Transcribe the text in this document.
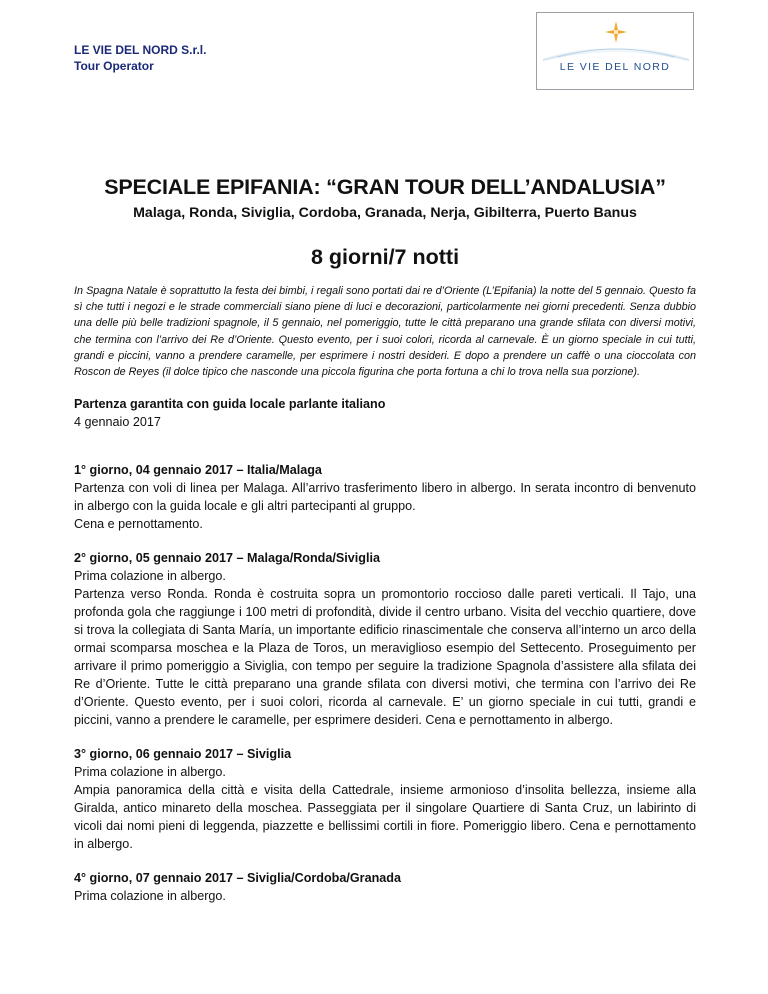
LE VIE DEL NORD S.r.l.
Tour Operator	LE VIE DEL NORD
SPECIALE EPIFANIA: “GRAN TOUR DELL’ANDALUSIA”
Malaga, Ronda, Siviglia, Cordoba, Granada, Nerja, Gibilterra, Puerto Banus
8 giorni/7 notti
In Spagna Natale è soprattutto la festa dei bimbi, i regali sono portati dai re d’Oriente (L’Epifania) la notte del 5 gennaio. Questo fa sì che tutti i negozi e le strade commerciali siano piene di luci e decorazioni, particolarmente nei giorni precedenti. Senza dubbio una delle più belle tradizioni spagnole, il 5 gennaio, nel pomeriggio, tutte le città preparano una grande sfilata con diversi motivi, che termina con l’arrivo dei Re d’Oriente. Questo evento, per i suoi colori, ricorda al carnevale. È un giorno speciale in cui tutti, grandi e piccini, vanno a prendere caramelle, per esprimere i nostri desideri. E dopo a prendere un caffè o una cioccolata con Roscon de Reyes (il dolce tipico che nasconde una piccola figurina che porta fortuna a chi lo trova nella sua porzione).
Partenza garantita con guida locale parlante italiano
4 gennaio 2017
1° giorno, 04 gennaio 2017 – Italia/Malaga
Partenza con voli di linea per Malaga. All’arrivo trasferimento libero in albergo. In serata incontro di benvenuto in albergo con la guida locale e gli altri partecipanti al gruppo.
Cena e pernottamento.
2° giorno, 05 gennaio 2017 – Malaga/Ronda/Siviglia
Prima colazione in albergo.
Partenza verso Ronda. Ronda è costruita sopra un promontorio roccioso dalle pareti verticali. Il Tajo, una profonda gola che raggiunge i 100 metri di profondità, divide il centro urbano. Visita del vecchio quartiere, dove si trova la collegiata di Santa María, un importante edificio rinascimentale che conserva all’interno un arco della ormai scomparsa moschea e la Plaza de Toros, un meraviglioso esempio del Settecento. Proseguimento per arrivare il primo pomeriggio a Siviglia, con tempo per seguire la tradizione Spagnola d’assistere alla sfilata dei Re d’Oriente. Tutte le città preparano una grande sfilata con diversi motivi, che termina con l’arrivo dei Re d’Oriente. Questo evento, per i suoi colori, ricorda al carnevale. E’ un giorno speciale in cui tutti, grandi e piccini, vanno a prendere le caramelle, per esprimere desideri. Cena e pernottamento in albergo.
3° giorno, 06 gennaio 2017 – Siviglia
Prima colazione in albergo.
Ampia panoramica della città e visita della Cattedrale, insieme armonioso d’insolita bellezza, insieme alla Giralda, antico minareto della moschea. Passeggiata per il singolare Quartiere di Santa Cruz, un labirinto di vicoli dai nomi pieni di leggenda, piazzette e bellissimi cortili in fiore. Pomeriggio libero. Cena e pernottamento in albergo.
4° giorno, 07 gennaio 2017 – Siviglia/Cordoba/Granada
Prima colazione in albergo.
